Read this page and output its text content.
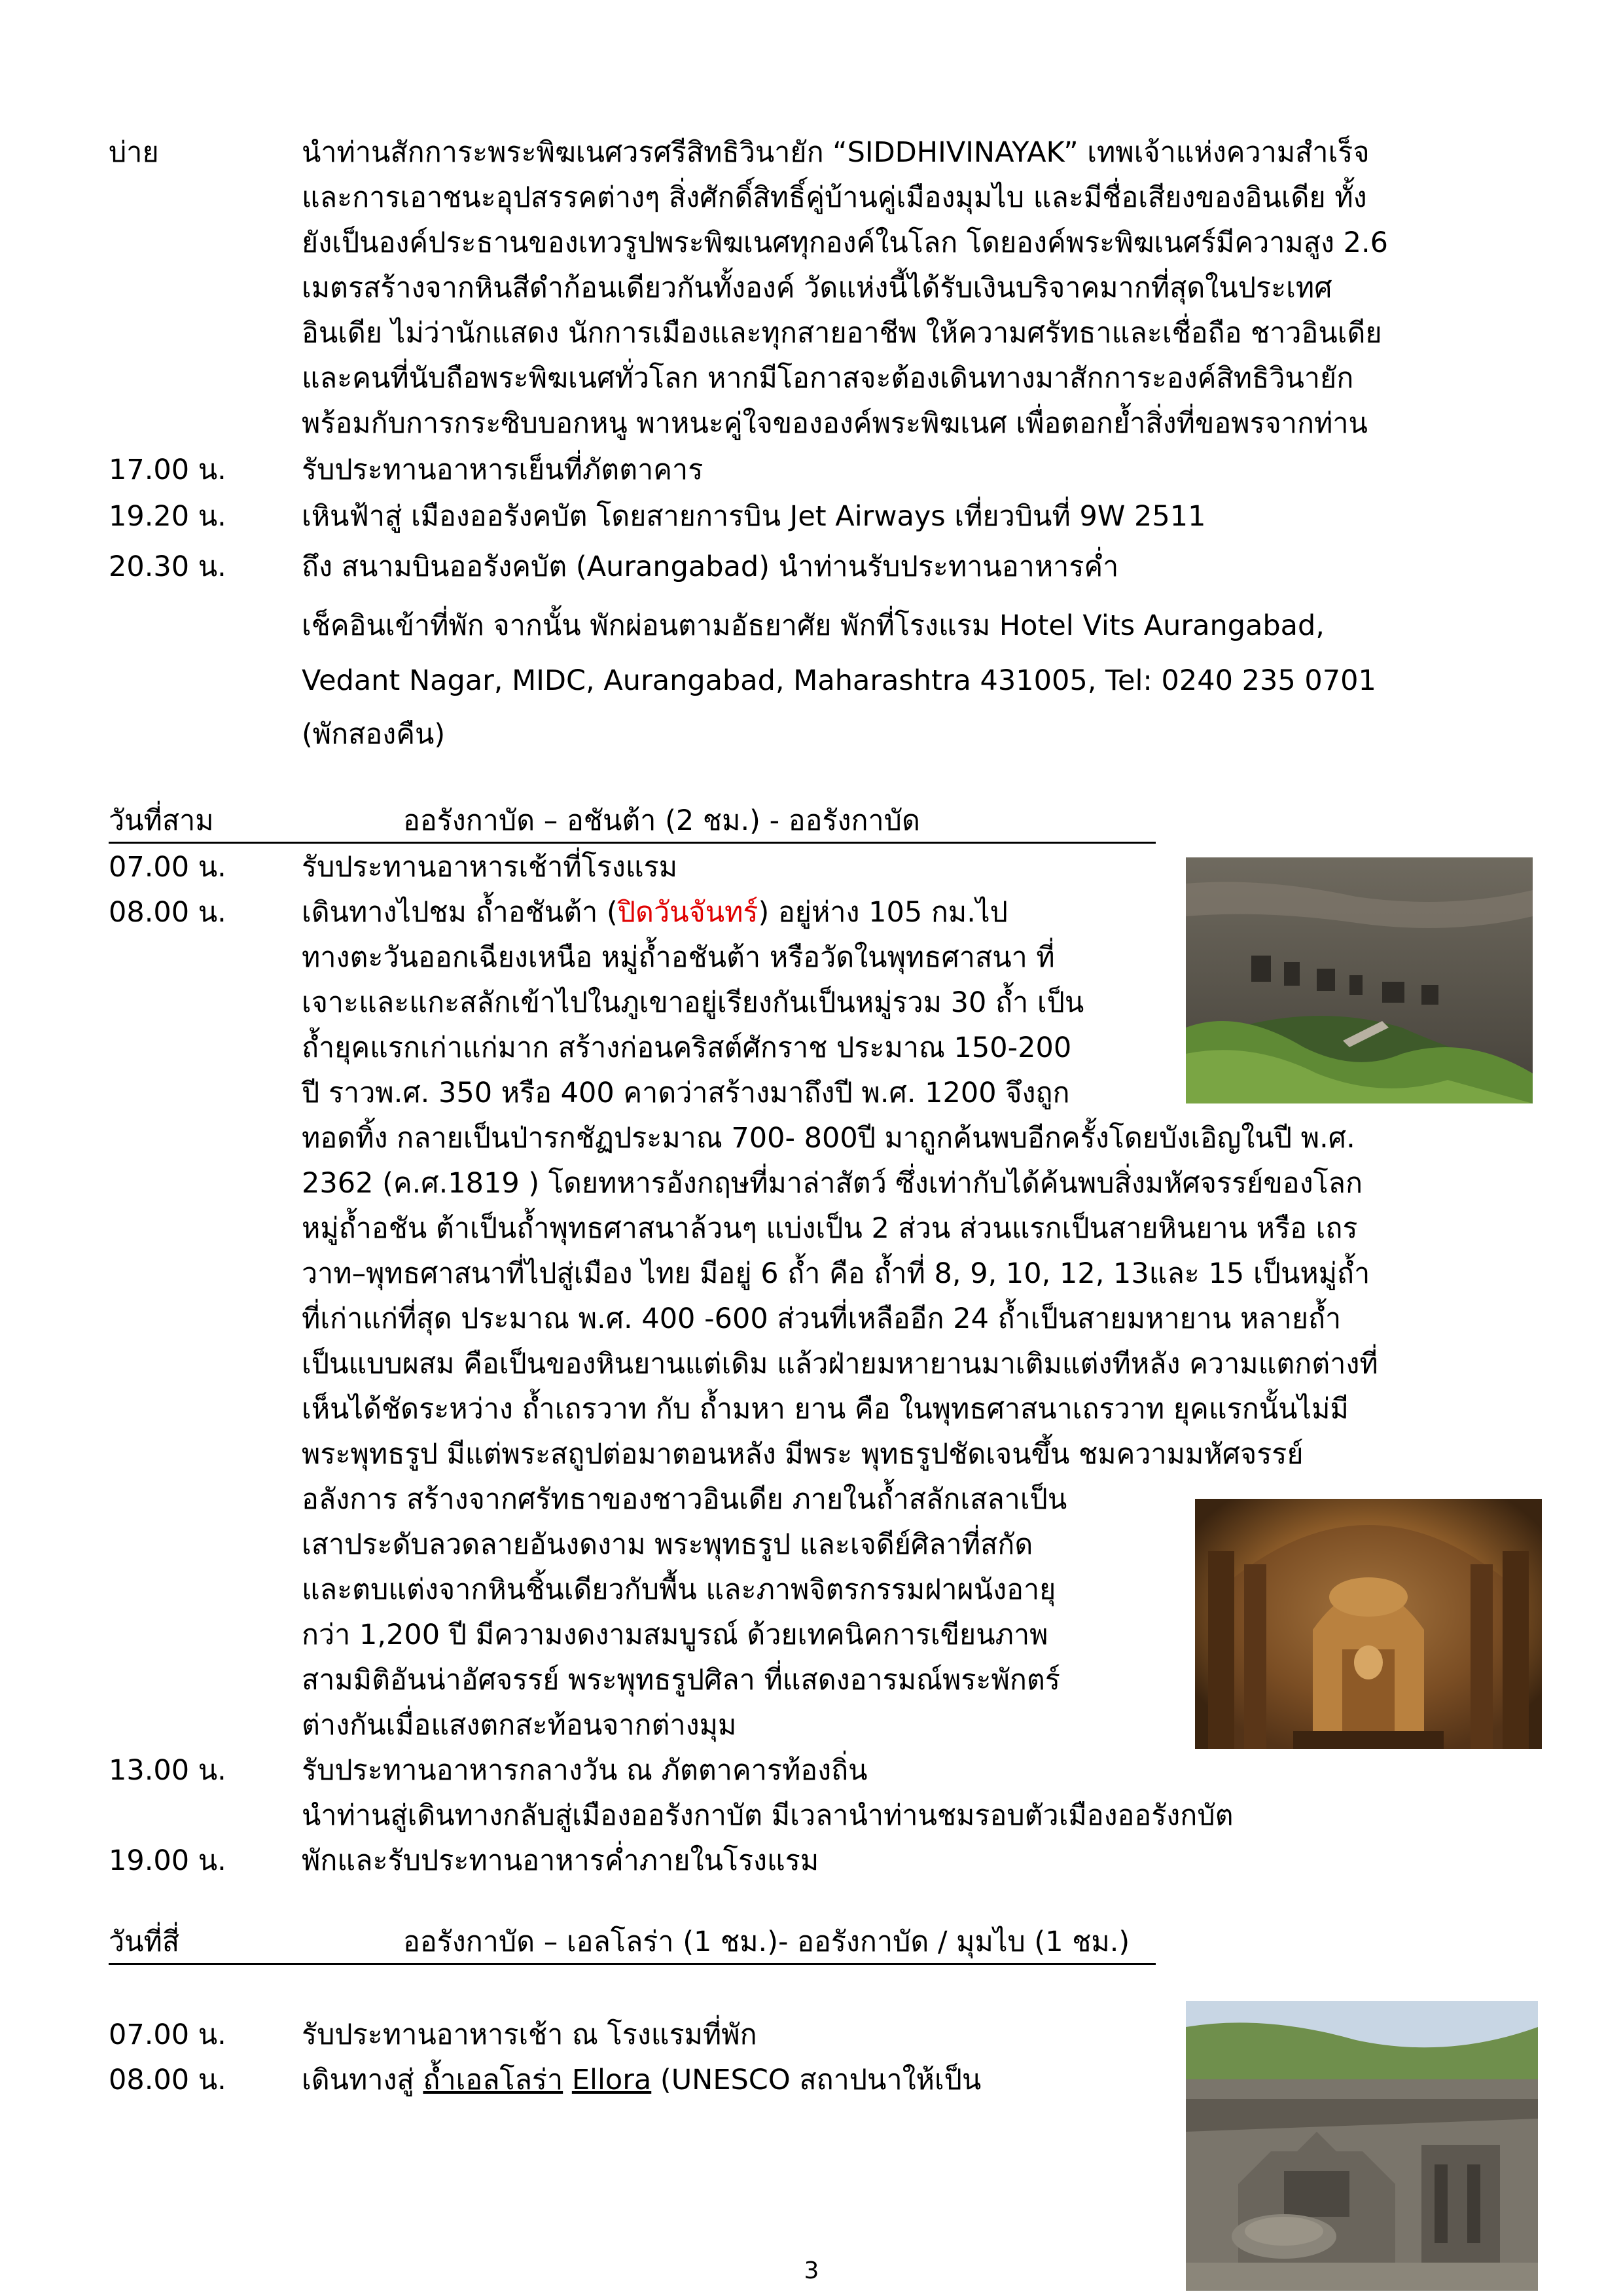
บ่าย	นำท่านสักการะพระพิฆเนศวรศรีสิทธิวินายัก “SIDDHIVINAYAK” เทพเจ้าแห่งความสำเร็จ
และการเอาชนะอุปสรรคต่างๆ สิ่งศักดิ์สิทธิ์คู่บ้านคู่เมืองมุมไบ และมีชื่อเสียงของอินเดีย ทั้ง
ยังเป็นองค์ประธานของเทวรูปพระพิฆเนศทุกองค์ในโลก โดยองค์พระพิฆเนศร์มีความสูง 2.6
เมตรสร้างจากหินสีดำก้อนเดียวกันทั้งองค์ วัดแห่งนี้ได้รับเงินบริจาคมากที่สุดในประเทศ
อินเดีย ไม่ว่านักแสดง นักการเมืองและทุกสายอาชีพ ให้ความศรัทธาและเชื่อถือ ชาวอินเดีย
และคนที่นับถือพระพิฆเนศทั่วโลก หากมีโอกาสจะต้องเดินทางมาสักการะองค์สิทธิวินายัก
พร้อมกับการกระซิบบอกหนู พาหนะคู่ใจขององค์พระพิฆเนศ เพื่อตอกย้ำสิ่งที่ขอพรจากท่าน
17.00 น.	รับประทานอาหารเย็นที่ภัตตาคาร
19.20 น.	เหินฟ้าสู่ เมืองออรังคบัต โดยสายการบิน Jet Airways เที่ยวบินที่ 9W 2511
20.30 น.	ถึง สนามบินออรังคบัต (Aurangabad) นำท่านรับประทานอาหารค่ำ
เช็คอินเข้าที่พัก จากนั้น พักผ่อนตามอัธยาศัย พักที่โรงแรม Hotel Vits Aurangabad,
Vedant Nagar, MIDC, Aurangabad, Maharashtra 431005, Tel: 0240 235 0701
(พักสองคืน)
วันที่สาม	ออรังกาบัด – อชันต้า (2 ชม.) - ออรังกาบัด
07.00 น.	รับประทานอาหารเช้าที่โรงแรม
08.00 น.	เดินทางไปชม ถ้ำอชันต้า (ปิดวันจันทร์) อยู่ห่าง 105 กม.ไป
ทางตะวันออกเฉียงเหนือ หมู่ถ้ำอชันต้า หรือวัดในพุทธศาสนา ที่
เจาะและแกะสลักเข้าไปในภูเขาอยู่เรียงกันเป็นหมู่รวม 30 ถ้ำ เป็น
ถ้ำยุคแรกเก่าแก่มาก สร้างก่อนคริสต์ศักราช ประมาณ 150-200
ปี ราวพ.ศ. 350 หรือ 400 คาดว่าสร้างมาถึงปี พ.ศ. 1200 จึงถูก
ทอดทิ้ง กลายเป็นป่ารกชัฏประมาณ 700- 800ปี มาถูกค้นพบอีกครั้งโดยบังเอิญในปี พ.ศ.
2362 (ค.ศ.1819 ) โดยทหารอังกฤษที่มาล่าสัตว์ ซึ่งเท่ากับได้ค้นพบสิ่งมหัศจรรย์ของโลก
หมู่ถ้ำอชัน ต้าเป็นถ้ำพุทธศาสนาล้วนๆ แบ่งเป็น 2 ส่วน ส่วนแรกเป็นสายหินยาน หรือ เถร
วาท–พุทธศาสนาที่ไปสู่เมือง ไทย มีอยู่ 6 ถ้ำ คือ ถ้ำที่ 8, 9, 10, 12, 13และ 15 เป็นหมู่ถ้ำ
ที่เก่าแก่ที่สุด ประมาณ พ.ศ. 400 -600 ส่วนที่เหลืออีก 24 ถ้ำเป็นสายมหายาน หลายถ้ำ
เป็นแบบผสม คือเป็นของหินยานแต่เดิม แล้วฝ่ายมหายานมาเติมแต่งทีหลัง ความแตกต่างที่
เห็นได้ชัดระหว่าง ถ้ำเถรวาท กับ ถ้ำมหา ยาน คือ ในพุทธศาสนาเถรวาท ยุคแรกนั้นไม่มี
พระพุทธรูป มีแต่พระสถูปต่อมาตอนหลัง มีพระ พุทธรูปชัดเจนขึ้น ชมความมหัศจรรย์
อลังการ สร้างจากศรัทธาของชาวอินเดีย ภายในถ้ำสลักเสลาเป็น
เสาประดับลวดลายอันงดงาม พระพุทธรูป และเจดีย์ศิลาที่สกัด
และตบแต่งจากหินชิ้นเดียวกับพื้น และภาพจิตรกรรมฝาผนังอายุ
กว่า 1,200 ปี มีความงดงามสมบูรณ์ ด้วยเทคนิคการเขียนภาพ
สามมิติอันน่าอัศจรรย์ พระพุทธรูปศิลา ที่แสดงอารมณ์พระพักตร์
ต่างกันเมื่อแสงตกสะท้อนจากต่างมุม
13.00 น.	รับประทานอาหารกลางวัน ณ ภัตตาคารท้องถิ่น
นำท่านสู่เดินทางกลับสู่เมืองออรังกาบัต มีเวลานำท่านชมรอบตัวเมืองออรังกบัต
19.00 น.	พักและรับประทานอาหารค่ำภายในโรงแรม
วันที่สี่	ออรังกาบัด – เอลโลร่า (1 ชม.)- ออรังกาบัด / มุมไบ (1 ชม.)
07.00 น.	รับประทานอาหารเช้า ณ โรงแรมที่พัก
08.00 น.	เดินทางสู่ ถ้ำเอลโลร่า Ellora (UNESCO สถาปนาให้เป็น
3
